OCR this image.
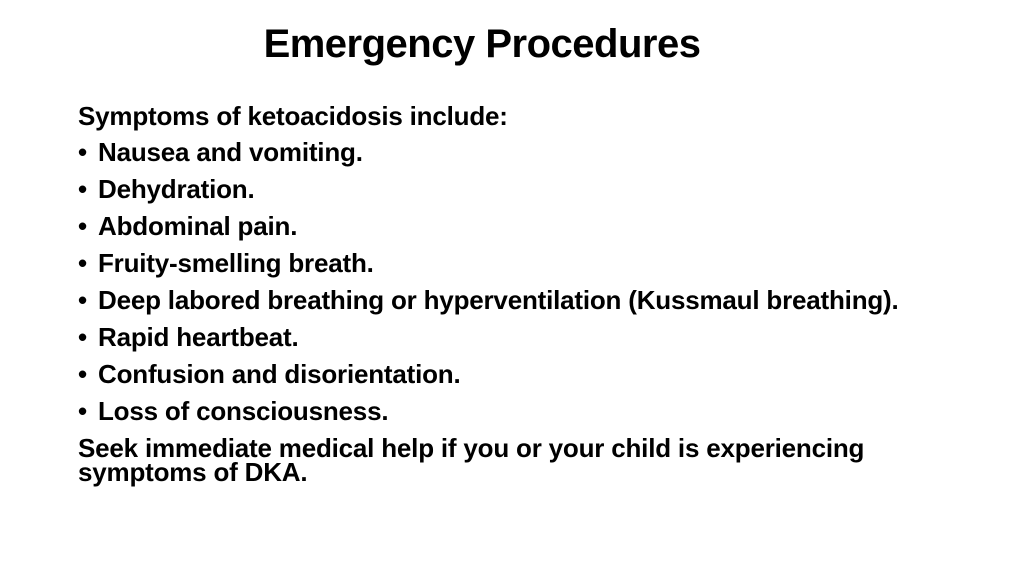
Emergency Procedures
Symptoms of ketoacidosis include:
• Nausea and vomiting.
• Dehydration.
• Abdominal pain.
• Fruity-smelling breath.
• Deep labored breathing or hyperventilation (Kussmaul breathing).
• Rapid heartbeat.
• Confusion and disorientation.
• Loss of consciousness.
Seek immediate medical help if you or your child is experiencing symptoms of DKA.
